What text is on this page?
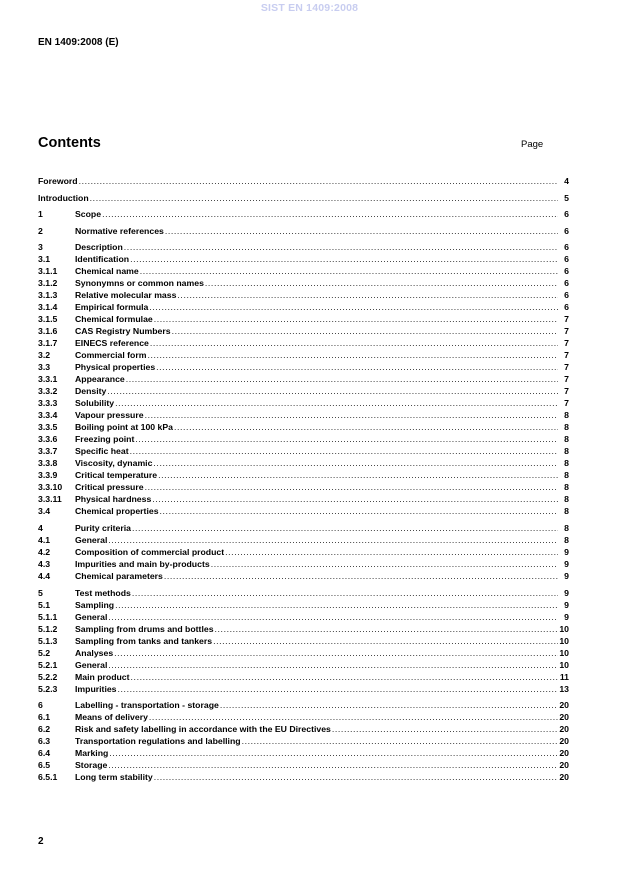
SIST EN 1409:2008
EN 1409:2008 (E)
Contents	Page
Foreword .....	4
Introduction .....	5
1	Scope .....	6
2	Normative references .....	6
3	Description .....	6
3.1	Identification .....	6
3.1.1	Chemical name .....	6
3.1.2	Synonymns or common names .....	6
3.1.3	Relative molecular mass .....	6
3.1.4	Empirical formula .....	6
3.1.5	Chemical formulae .....	7
3.1.6	CAS Registry Numbers .....	7
3.1.7	EINECS reference .....	7
3.2	Commercial form .....	7
3.3	Physical properties .....	7
3.3.1	Appearance .....	7
3.3.2	Density .....	7
3.3.3	Solubility .....	7
3.3.4	Vapour pressure .....	8
3.3.5	Boiling point at 100 kPa .....	8
3.3.6	Freezing point .....	8
3.3.7	Specific heat .....	8
3.3.8	Viscosity, dynamic .....	8
3.3.9	Critical temperature .....	8
3.3.10	Critical pressure .....	8
3.3.11	Physical hardness .....	8
3.4	Chemical properties .....	8
4	Purity criteria .....	8
4.1	General .....	8
4.2	Composition of commercial product .....	9
4.3	Impurities and main by-products .....	9
4.4	Chemical parameters .....	9
5	Test methods .....	9
5.1	Sampling .....	9
5.1.1	General .....	9
5.1.2	Sampling from drums and bottles .....	10
5.1.3	Sampling from tanks and tankers .....	10
5.2	Analyses .....	10
5.2.1	General .....	10
5.2.2	Main product .....	11
5.2.3	Impurities .....	13
6	Labelling - transportation - storage .....	20
6.1	Means of delivery .....	20
6.2	Risk and safety labelling in accordance with the EU Directives .....	20
6.3	Transportation regulations and labelling .....	20
6.4	Marking .....	20
6.5	Storage .....	20
6.5.1	Long term stability .....	20
2
